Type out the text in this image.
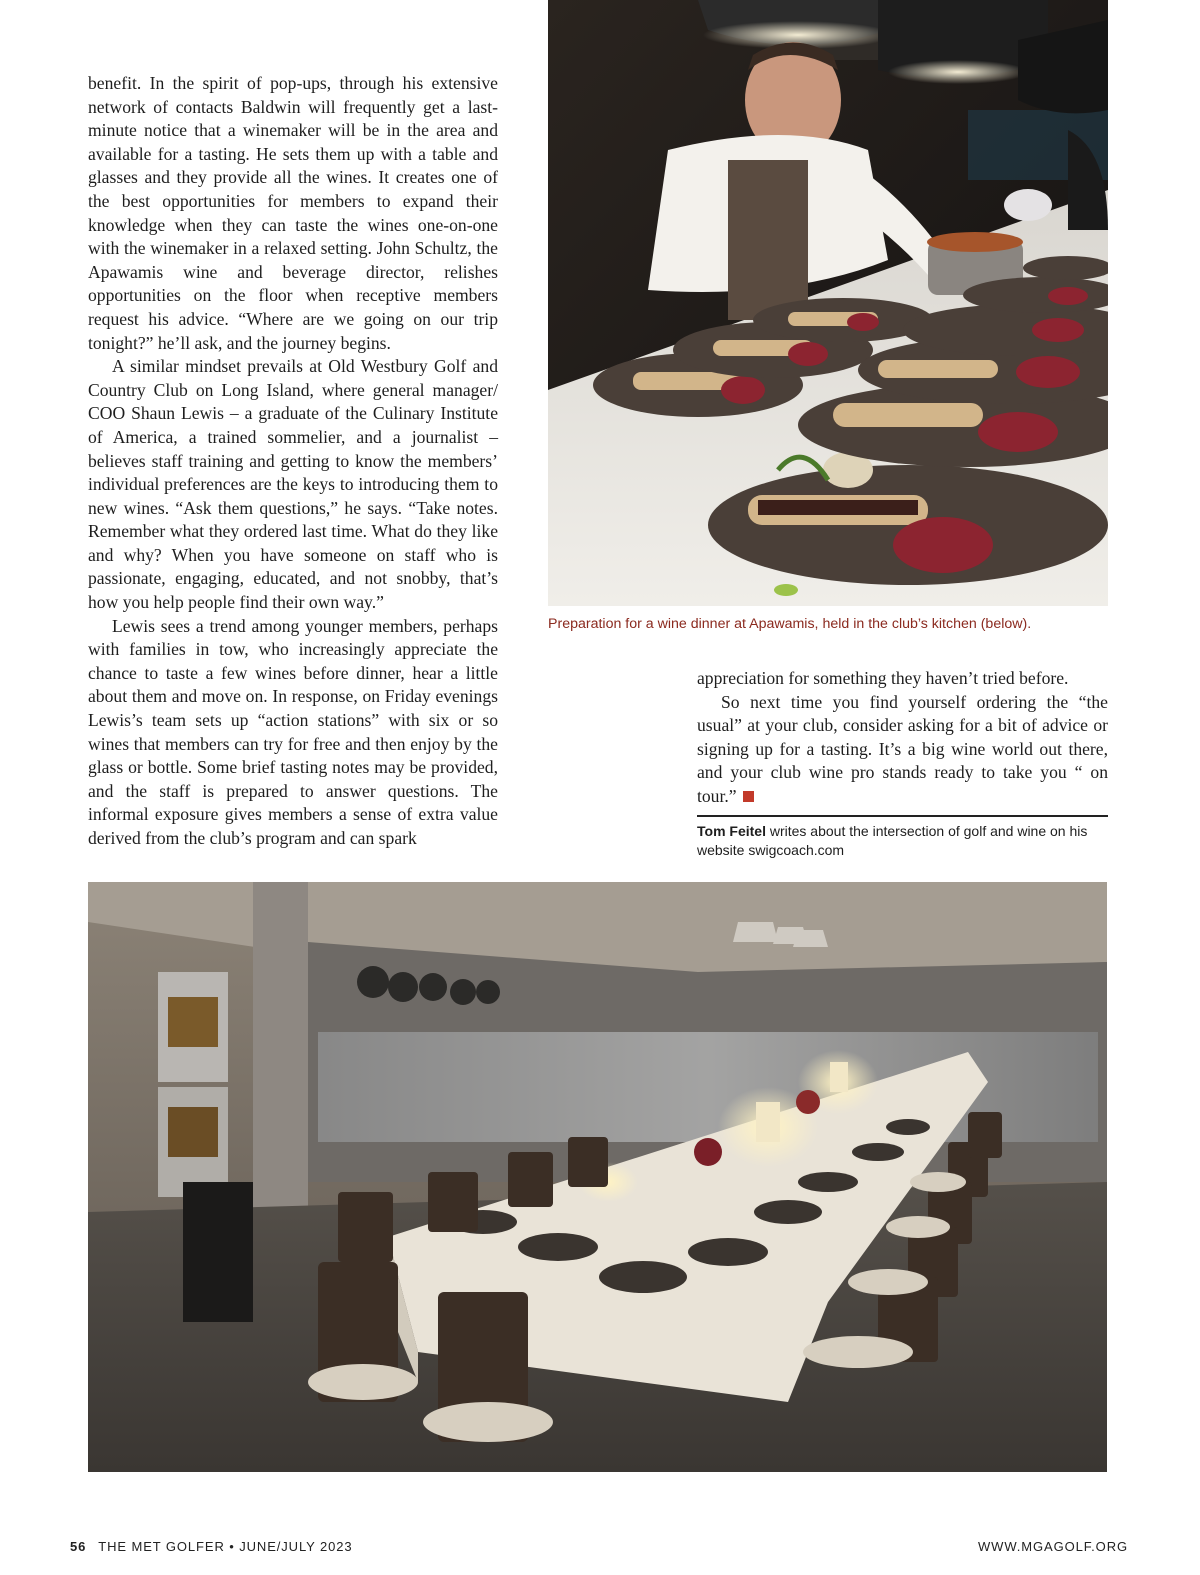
benefit. In the spirit of pop-ups, through his extensive network of contacts Baldwin will frequently get a last-minute notice that a winemaker will be in the area and available for a tasting. He sets them up with a table and glasses and they provide all the wines. It creates one of the best opportunities for members to expand their knowledge when they can taste the wines one-on-one with the winemaker in a relaxed setting. John Schultz, the Apawamis wine and beverage director, relishes opportunities on the floor when receptive members request his advice. “Where are we going on our trip tonight?” he’ll ask, and the journey begins.

A similar mindset prevails at Old Westbury Golf and Country Club on Long Island, where general manager/ COO Shaun Lewis – a graduate of the Culinary Institute of America, a trained sommelier, and a journalist – believes staff training and getting to know the members’ individual preferences are the keys to introducing them to new wines. “Ask them questions,” he says. “Take notes. Remember what they ordered last time. What do they like and why? When you have someone on staff who is passionate, engaging, educated, and not snobby, that’s how you help people find their own way.”

Lewis sees a trend among younger members, perhaps with families in tow, who increasingly appreciate the chance to taste a few wines before dinner, hear a little about them and move on. In response, on Friday evenings Lewis’s team sets up “action stations” with six or so wines that members can try for free and then enjoy by the glass or bottle. Some brief tasting notes may be provided, and the staff is prepared to answer questions. The informal exposure gives members a sense of extra value derived from the club’s program and can spark

Preparation for a wine dinner at Apawamis, held in the club’s kitchen (below).

appreciation for something they haven’t tried before.

So next time you find yourself ordering the “the usual” at your club, consider asking for a bit of advice or signing up for a tasting. It’s a big wine world out there, and your club wine pro stands ready to take you “ on tour.”

Tom Feitel writes about the intersection of golf and wine on his website swigcoach.com
56 THE MET GOLFER • JUNE/JULY 2023	WWW.MGAGOLF.ORG
